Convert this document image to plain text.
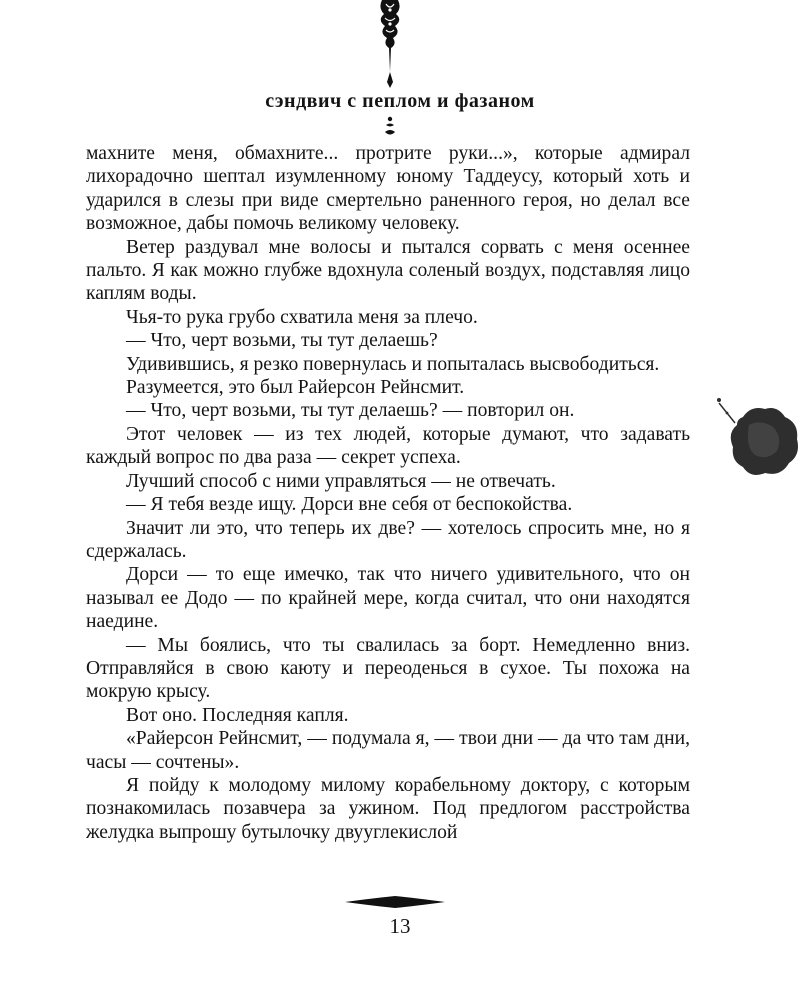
сэндвич с пеплом и фазаном

махните меня, обмахните... протрите руки...», которые адмирал лихорадочно шептал изумленному юному Таддеусу, который хоть и ударился в слезы при виде смертельно раненного героя, но делал все возможное, дабы помочь великому человеку.

Ветер раздувал мне волосы и пытался сорвать с меня осеннее пальто. Я как можно глубже вдохнула соленый воздух, подставляя лицо каплям воды.

Чья-то рука грубо схватила меня за плечо.

— Что, черт возьми, ты тут делаешь?

Удивившись, я резко повернулась и попыталась высвободиться.

Разумеется, это был Райерсон Рейнсмит.

— Что, черт возьми, ты тут делаешь? — повторил он.

Этот человек — из тех людей, которые думают, что задавать каждый вопрос по два раза — секрет успеха.

Лучший способ с ними управляться — не отвечать.

— Я тебя везде ищу. Дорси вне себя от беспокойства.

Значит ли это, что теперь их две? — хотелось спросить мне, но я сдержалась.

Дорси — то еще имечко, так что ничего удивительного, что он называл ее Додо — по крайней мере, когда считал, что они находятся наедине.

— Мы боялись, что ты свалилась за борт. Немедленно вниз. Отправляйся в свою каюту и переоденься в сухое. Ты похожа на мокрую крысу.

Вот оно. Последняя капля.

«Райерсон Рейнсмит, — подумала я, — твои дни — да что там дни, часы — сочтены».

Я пойду к молодому милому корабельному доктору, с которым познакомилась позавчера за ужином. Под предлогом расстройства желудка выпрошу бутылочку двууглекислой

13
